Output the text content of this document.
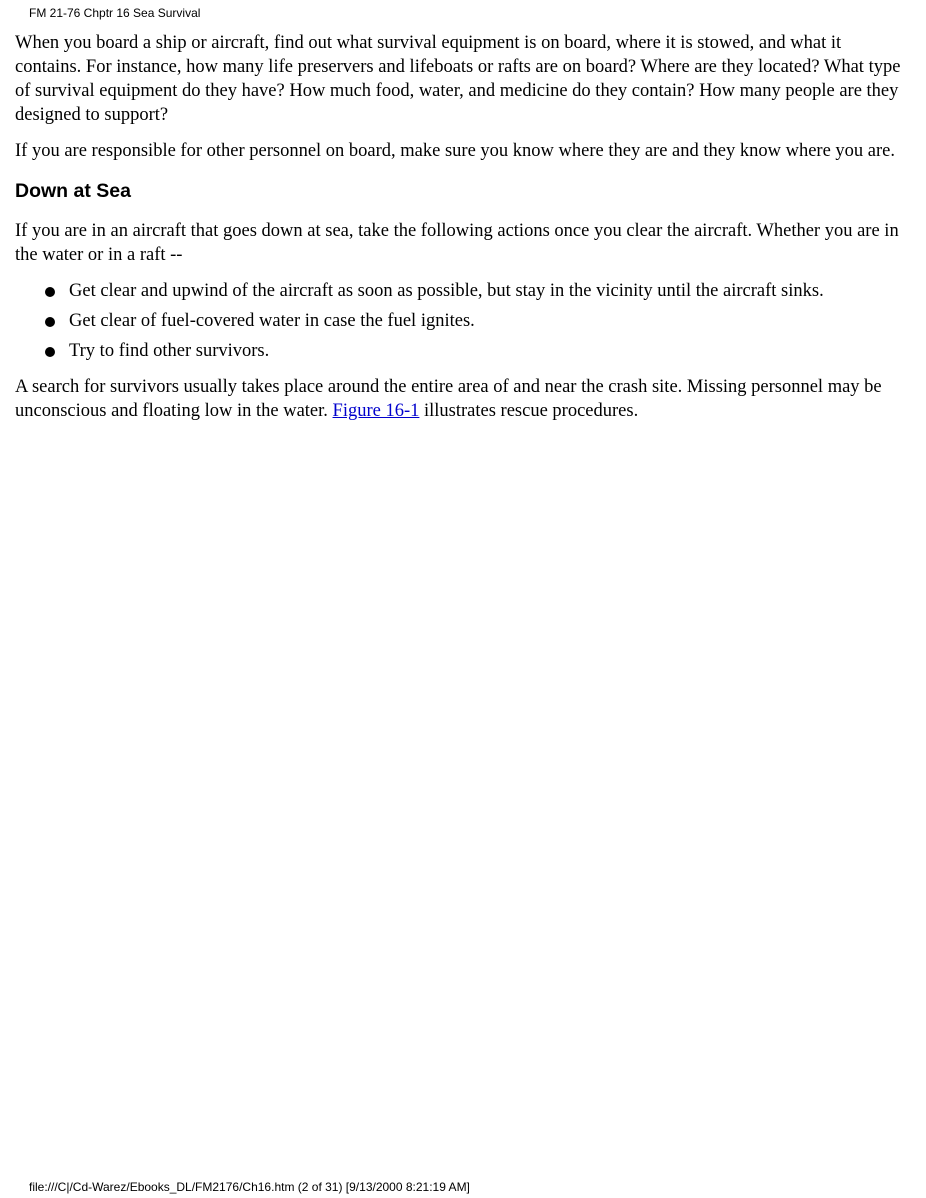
FM 21-76 Chptr 16 Sea Survival

When you board a ship or aircraft, find out what survival equipment is on board, where it is stowed, and what it contains. For instance, how many life preservers and lifeboats or rafts are on board? Where are they located? What type of survival equipment do they have? How much food, water, and medicine do they contain? How many people are they designed to support?

If you are responsible for other personnel on board, make sure you know where they are and they know where you are.

Down at Sea

If you are in an aircraft that goes down at sea, take the following actions once you clear the aircraft. Whether you are in the water or in a raft --

Get clear and upwind of the aircraft as soon as possible, but stay in the vicinity until the aircraft sinks.
Get clear of fuel-covered water in case the fuel ignites.
Try to find other survivors.

A search for survivors usually takes place around the entire area of and near the crash site. Missing personnel may be unconscious and floating low in the water. Figure 16-1 illustrates rescue procedures.

file:///C|/Cd-Warez/Ebooks_DL/FM2176/Ch16.htm (2 of 31) [9/13/2000 8:21:19 AM]
